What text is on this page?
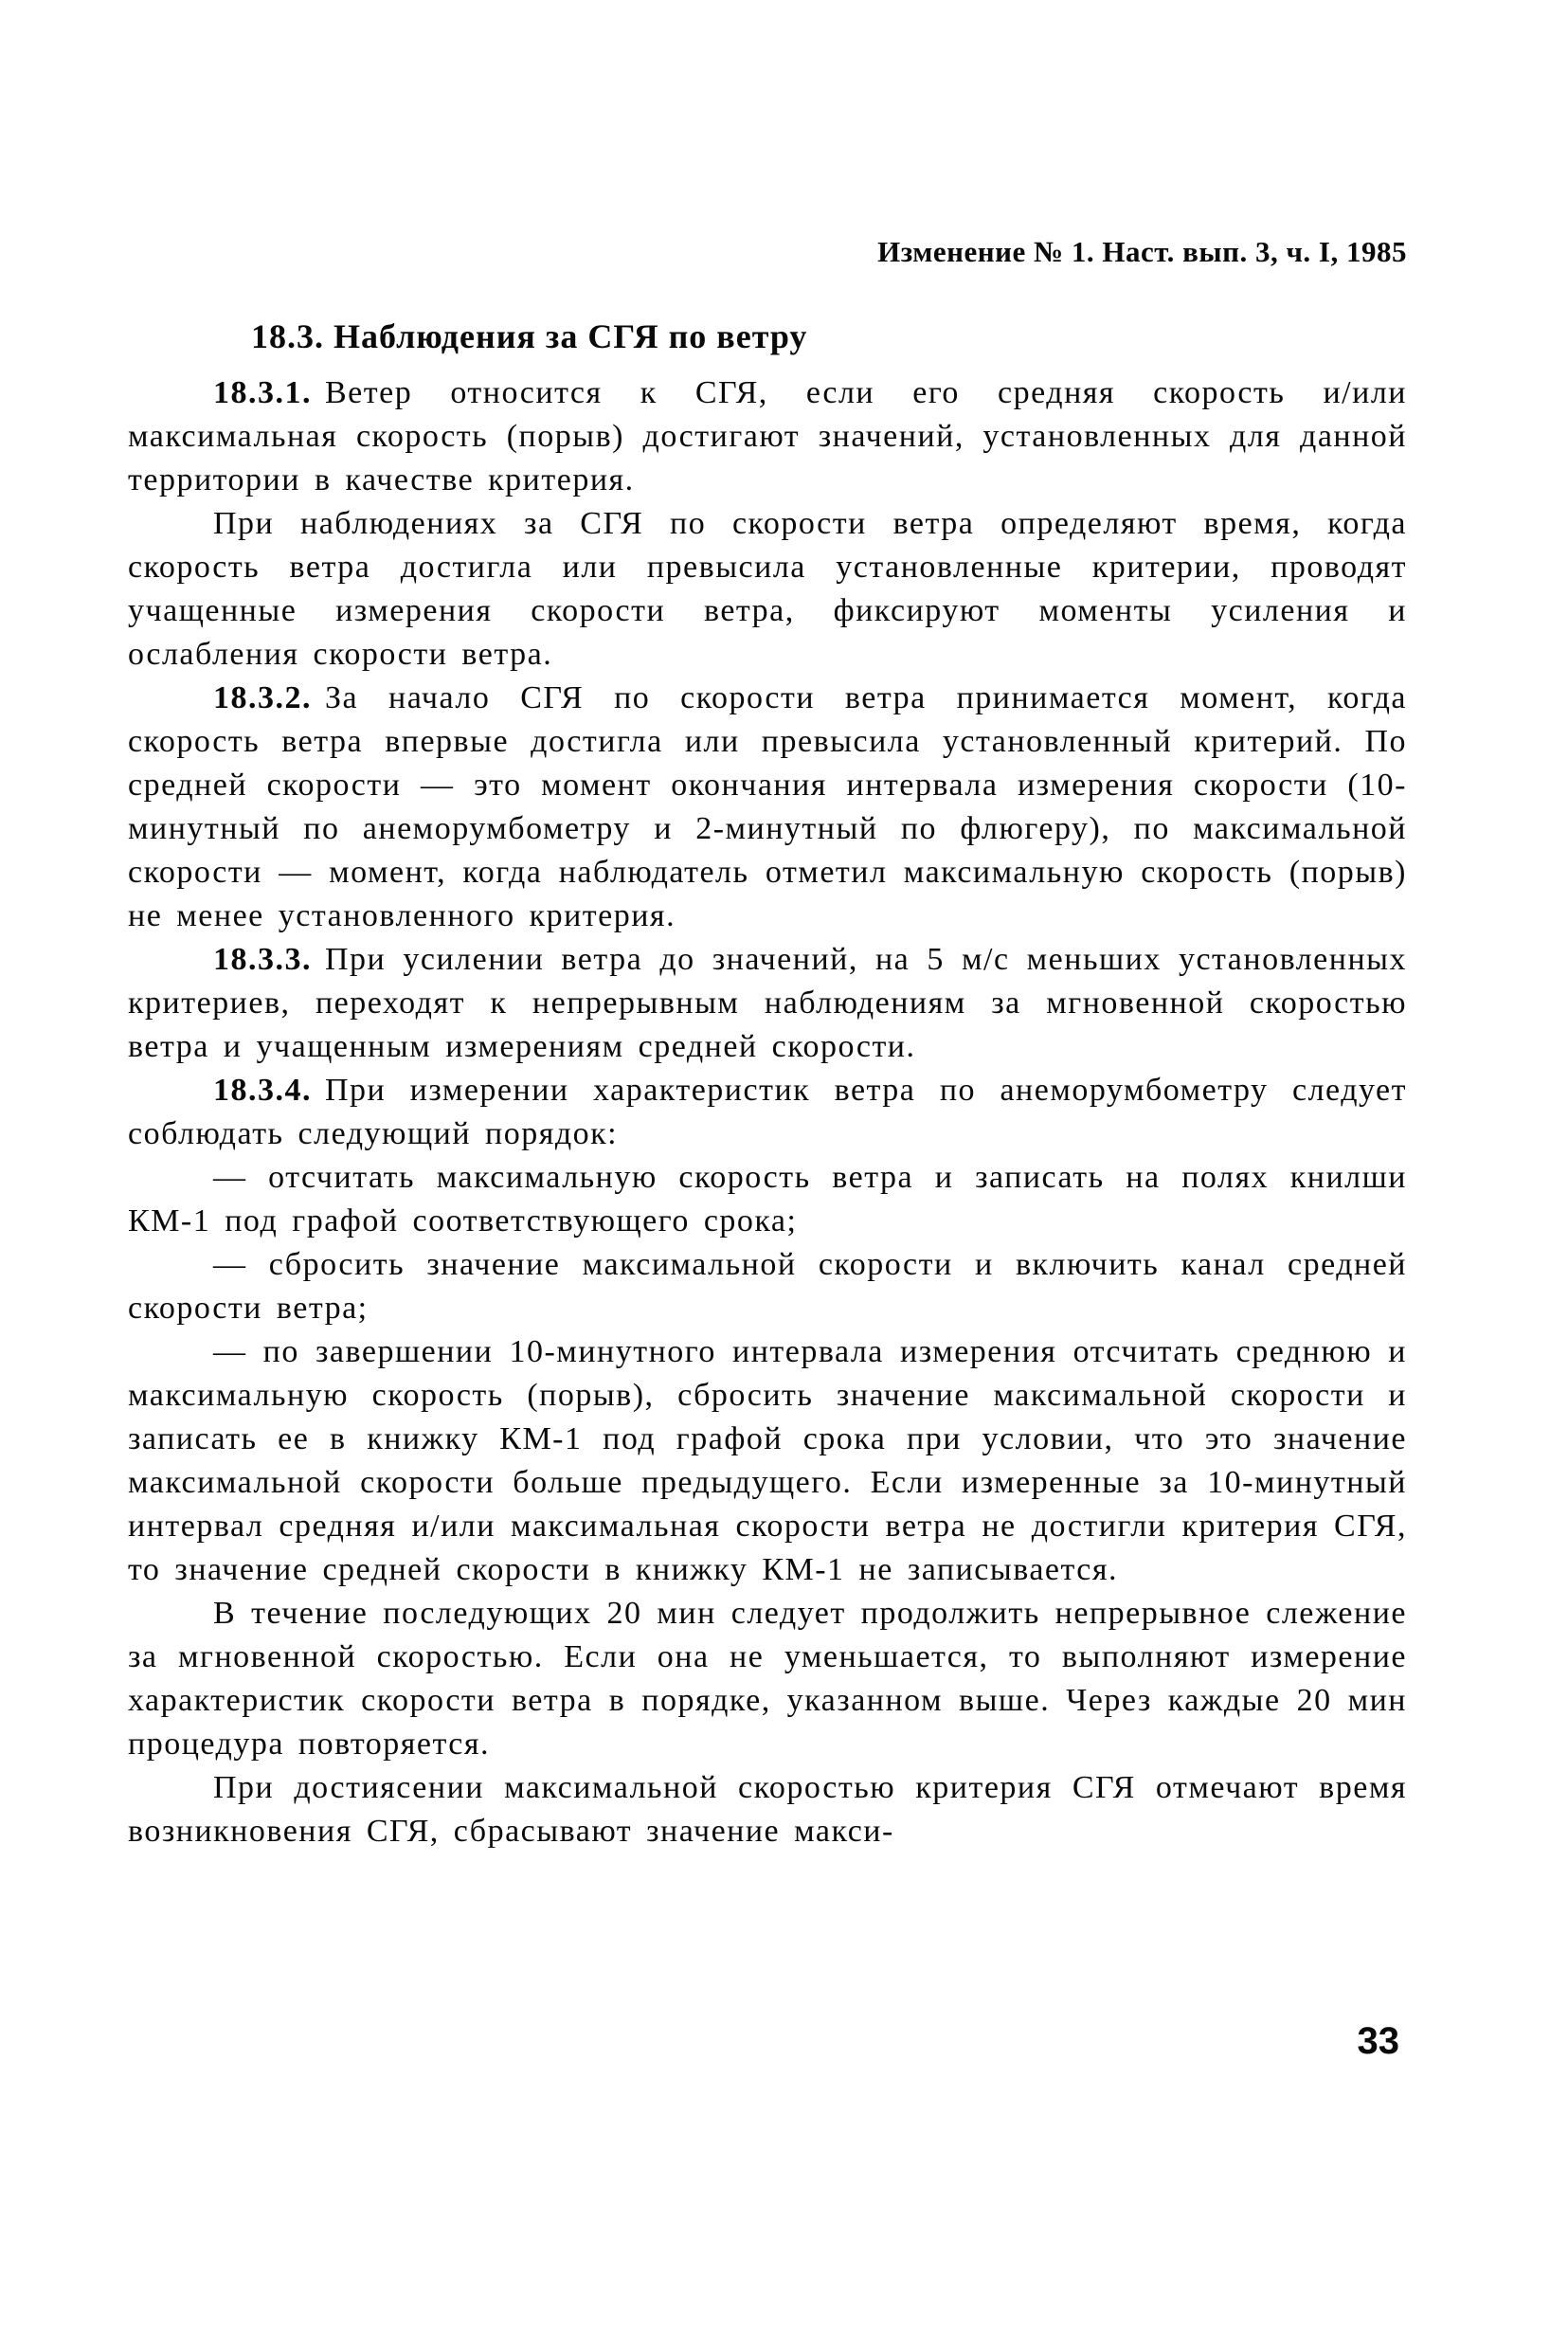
Изменение № 1. Наст. вып. 3, ч. I, 1985

18.3. Наблюдения за СГЯ по ветру

18.3.1. Ветер относится к СГЯ, если его средняя скорость и/или максимальная скорость (порыв) достигают значений, установленных для данной территории в качестве критерия.

При наблюдениях за СГЯ по скорости ветра определяют время, когда скорость ветра достигла или превысила установленные критерии, проводят учащенные измерения скорости ветра, фиксируют моменты усиления и ослабления скорости ветра.

18.3.2. За начало СГЯ по скорости ветра принимается момент, когда скорость ветра впервые достигла или превысила установленный критерий. По средней скорости — это момент окончания интервала измерения скорости (10-минутный по анеморумбометру и 2-минутный по флюгеру), по максимальной скорости — момент, когда наблюдатель отметил максимальную скорость (порыв) не менее установленного критерия.

18.3.3. При усилении ветра до значений, на 5 м/с меньших установленных критериев, переходят к непрерывным наблюдениям за мгновенной скоростью ветра и учащенным измерениям средней скорости.

18.3.4. При измерении характеристик ветра по анеморумбометру следует соблюдать следующий порядок:

— отсчитать максимальную скорость ветра и записать на полях книлши КМ-1 под графой соответствующего срока;

— сбросить значение максимальной скорости и включить канал средней скорости ветра;

— по завершении 10-минутного интервала измерения отсчитать среднюю и максимальную скорость (порыв), сбросить значение максимальной скорости и записать ее в книжку КМ-1 под графой срока при условии, что это значение максимальной скорости больше предыдущего. Если измеренные за 10-минутный интервал средняя и/или максимальная скорости ветра не достигли критерия СГЯ, то значение средней скорости в книжку КМ-1 не записывается.

В течение последующих 20 мин следует продолжить непрерывное слежение за мгновенной скоростью. Если она не уменьшается, то выполняют измерение характеристик скорости ветра в порядке, указанном выше. Через каждые 20 мин процедура повторяется.

При достиясении максимальной скоростью критерия СГЯ отмечают время возникновения СГЯ, сбрасывают значение макси-

33
